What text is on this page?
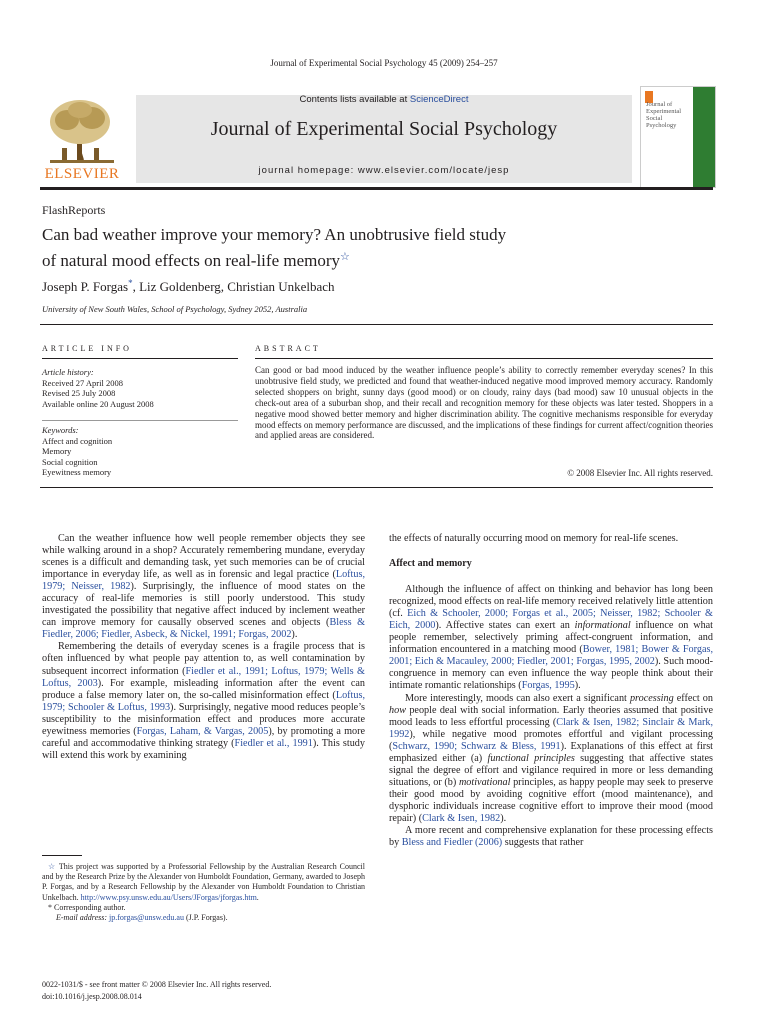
Journal of Experimental Social Psychology 45 (2009) 254–257
ELSEVIER
Contents lists available at ScienceDirect
Journal of Experimental Social Psychology
journal homepage: www.elsevier.com/locate/jesp
Journal of Experimental Social Psychology
FlashReports
Can bad weather improve your memory? An unobtrusive field study
of natural mood effects on real-life memory☆
Joseph P. Forgas*, Liz Goldenberg, Christian Unkelbach
University of New South Wales, School of Psychology, Sydney 2052, Australia
ARTICLE INFO
Article history:
Received 27 April 2008
Revised 25 July 2008
Available online 20 August 2008
Keywords:
Affect and cognition
Memory
Social cognition
Eyewitness memory
ABSTRACT
Can good or bad mood induced by the weather influence people’s ability to correctly remember everyday scenes? In this unobtrusive field study, we predicted and found that weather-induced negative mood improved memory accuracy. Randomly selected shoppers on bright, sunny days (good mood) or on cloudy, rainy days (bad mood) saw 10 unusual objects in the check-out area of a suburban shop, and their recall and recognition memory for these objects was later tested. Shoppers in a negative mood showed better memory and higher discrimination ability. The cognitive mechanisms responsible for everyday mood effects on memory performance are discussed, and the implications of these findings for current affect/cognition theories and applied areas are considered.
© 2008 Elsevier Inc. All rights reserved.

Can the weather influence how well people remember objects they see while walking around in a shop? Accurately remembering mundane, everyday scenes is a difficult and demanding task, yet such memories can be of crucial importance in everyday life, as well as in forensic and legal practice (Loftus, 1979; Neisser, 1982). Surprisingly, the influence of mood states on the accuracy of real-life memories is still poorly understood. This study investigated the possibility that negative affect induced by inclement weather can improve memory for causally observed scenes and objects (Bless & Fiedler, 2006; Fiedler, Asbeck, & Nickel, 1991; Forgas, 2002).

Remembering the details of everyday scenes is a fragile process that is often influenced by what people pay attention to, as well contamination by subsequent incorrect information (Fiedler et al., 1991; Loftus, 1979; Wells & Loftus, 2003). For example, misleading information after the event can produce a false memory later on, the so-called misinformation effect (Loftus, 1979; Schooler & Loftus, 1993). Surprisingly, negative mood reduces people’s susceptibility to the misinformation effect and produces more accurate eyewitness memories (Forgas, Laham, & Vargas, 2005), by promoting a more careful and accommodative thinking strategy (Fiedler et al., 1991). This study will extend this work by examining

☆ This project was supported by a Professorial Fellowship by the Australian Research Council and by the Research Prize by the Alexander von Humboldt Foundation, Germany, awarded to Joseph P. Forgas, and by a Research Fellowship by the Alexander von Humboldt Foundation to Christian Unkelbach. http://www.psy.unsw.edu.au/Users/JForgas/jforgas.htm.
* Corresponding author.
E-mail address: jp.forgas@unsw.edu.au (J.P. Forgas).
0022-1031/$ - see front matter © 2008 Elsevier Inc. All rights reserved.
doi:10.1016/j.jesp.2008.08.014

the effects of naturally occurring mood on memory for real-life scenes.

Affect and memory

Although the influence of affect on thinking and behavior has long been recognized, mood effects on real-life memory received relatively little attention (cf. Eich & Schooler, 2000; Forgas et al., 2005; Neisser, 1982; Schooler & Eich, 2000). Affective states can exert an informational influence on what people remember, selectively priming affect-congruent information, and information encountered in a matching mood (Bower, 1981; Bower & Forgas, 2001; Eich & Macauley, 2000; Fiedler, 2001; Forgas, 1995, 2002). Such mood-congruence in memory can even influence the way people think about their intimate romantic relationships (Forgas, 1995).

More interestingly, moods can also exert a significant processing effect on how people deal with social information. Early theories assumed that positive mood leads to less effortful processing (Clark & Isen, 1982; Sinclair & Mark, 1992), while negative mood promotes effortful and vigilant processing (Schwarz, 1990; Schwarz & Bless, 1991). Explanations of this effect at first emphasized either (a) functional principles suggesting that affective states signal the degree of effort and vigilance required in more or less demanding situations, or (b) motivational principles, as happy people may seek to preserve their good mood by avoiding cognitive effort (mood maintenance), and dysphoric individuals increase cognitive effort to improve their mood (mood repair) (Clark & Isen, 1982).

A more recent and comprehensive explanation for these processing effects by Bless and Fiedler (2006) suggests that rather
